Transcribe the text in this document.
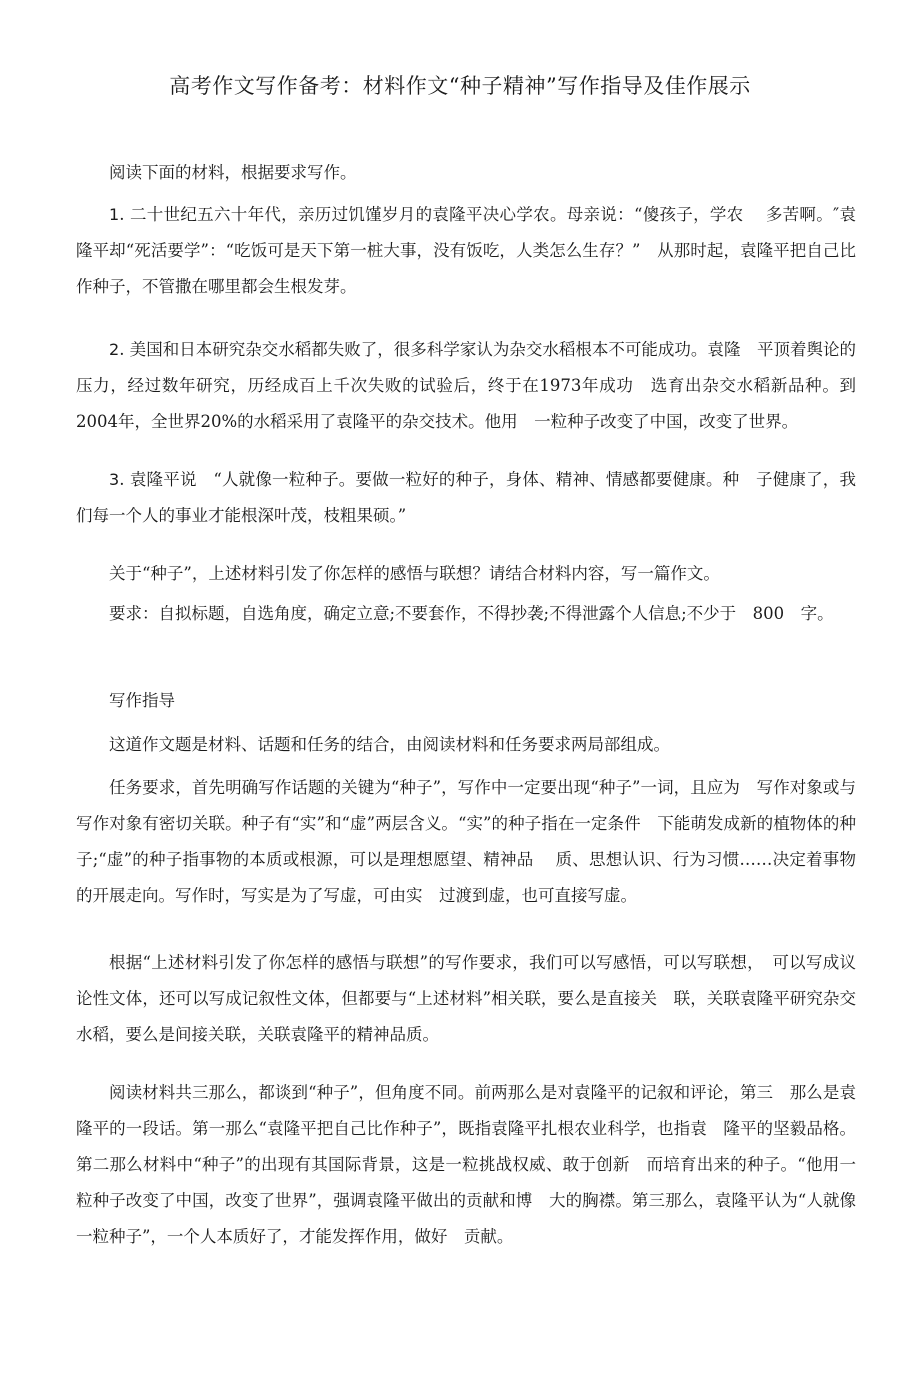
高考作文写作备考：材料作文“种子精神”写作指导及佳作展示

阅读下面的材料，根据要求写作。

1. 二十世纪五六十年代，亲历过饥馑岁月的袁隆平决心学农。母亲说：“傻孩子，学农　 多苦啊。″袁隆平却“死活要学”：“吃饭可是天下第一桩大事，没有饭吃，人类怎么生存？”　从那时起，袁隆平把自己比作种子，不管撒在哪里都会生根发芽。

2. 美国和日本研究杂交水稻都失败了，很多科学家认为杂交水稻根本不可能成功。袁隆　平顶着舆论的压力，经过数年研究，历经成百上千次失败的试验后，终于在1973年成功　选育出杂交水稻新品种。到2004年，全世界20%的水稻采用了袁隆平的杂交技术。他用　一粒种子改变了中国，改变了世界。

3. 袁隆平说　“人就像一粒种子。要做一粒好的种子，身体、精神、情感都要健康。种　子健康了，我们每一个人的事业才能根深叶茂，枝粗果硕。”

关于“种子”，上述材料引发了你怎样的感悟与联想？请结合材料内容，写一篇作文。

要求：自拟标题，自选角度，确定立意;不要套作，不得抄袭;不得泄露个人信息;不少于　800　字。

写作指导

这道作文题是材料、话题和任务的结合，由阅读材料和任务要求两局部组成。

任务要求，首先明确写作话题的关键为“种子”，写作中一定要出现“种子”一词，且应为　写作对象或与写作对象有密切关联。种子有“实”和“虚”两层含义。“实”的种子指在一定条件　下能萌发成新的植物体的种子;“虚”的种子指事物的本质或根源，可以是理想愿望、精神品　 质、思想认识、行为习惯……决定着事物的开展走向。写作时，写实是为了写虚，可由实　过渡到虚，也可直接写虚。

根据“上述材料引发了你怎样的感悟与联想”的写作要求，我们可以写感悟，可以写联想，　可以写成议论性文体，还可以写成记叙性文体，但都要与“上述材料”相关联，要么是直接关　联，关联袁隆平研究杂交水稻，要么是间接关联，关联袁隆平的精神品质。

阅读材料共三那么，都谈到“种子”，但角度不同。前两那么是对袁隆平的记叙和评论，第三　那么是袁隆平的一段话。第一那么“袁隆平把自己比作种子”，既指袁隆平扎根农业科学，也指袁　隆平的坚毅品格。第二那么材料中“种子”的出现有其国际背景，这是一粒挑战权威、敢于创新　而培育出来的种子。“他用一粒种子改变了中国，改变了世界”，强调袁隆平做出的贡献和博　大的胸襟。第三那么，袁隆平认为“人就像一粒种子”，一个人本质好了，才能发挥作用，做好　贡献。
